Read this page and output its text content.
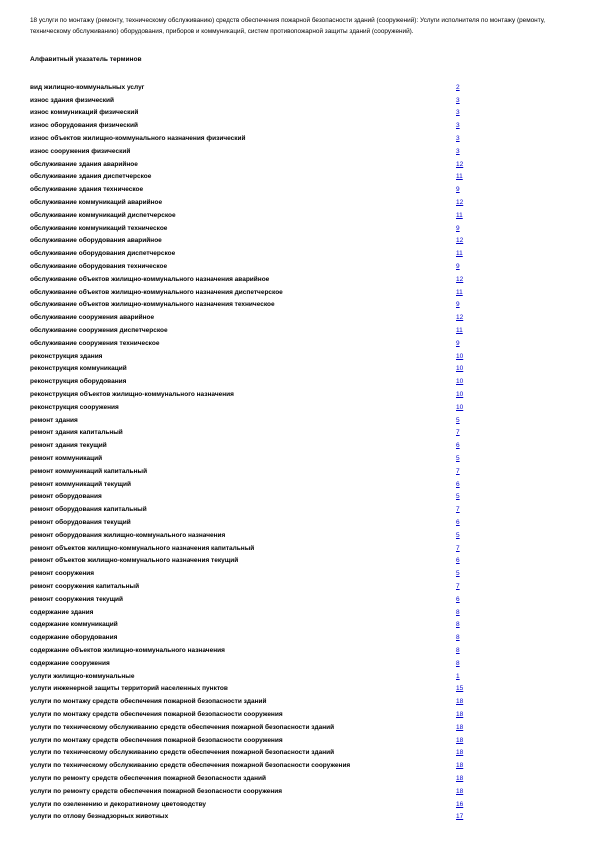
18 услуги по монтажу (ремонту, техническому обслуживанию) средств обеспечения пожарной безопасности зданий (сооружений): Услуги исполнителя по монтажу (ремонту, техническому обслуживанию) оборудования, приборов и коммуникаций, систем противопожарной защиты зданий (сооружений).
Алфавитный указатель терминов
вид жилищно-коммунальных услуг	2
износ здания физический	3
износ коммуникаций физический	3
износ оборудования физический	3
износ объектов жилищно-коммунального назначения физический	3
износ сооружения физический	3
обслуживание здания аварийное	12
обслуживание здания диспетчерское	11
обслуживание здания техническое	9
обслуживание коммуникаций аварийное	12
обслуживание коммуникаций диспетчерское	11
обслуживание коммуникаций техническое	9
обслуживание оборудования аварийное	12
обслуживание оборудования диспетчерское	11
обслуживание оборудования техническое	9
обслуживание объектов жилищно-коммунального назначения аварийное	12
обслуживание объектов жилищно-коммунального назначения диспетчерское	11
обслуживание объектов жилищно-коммунального назначения техническое	9
обслуживание сооружения аварийное	12
обслуживание сооружения диспетчерское	11
обслуживание сооружения техническое	9
реконструкция здания	10
реконструкция коммуникаций	10
реконструкция оборудования	10
реконструкция объектов жилищно-коммунального назначения	10
реконструкция сооружения	10
ремонт здания	5
ремонт здания капитальный	7
ремонт здания текущий	6
ремонт коммуникаций	5
ремонт коммуникаций капитальный	7
ремонт коммуникаций текущий	6
ремонт оборудования	5
ремонт оборудования капитальный	7
ремонт оборудования текущий	6
ремонт оборудования жилищно-коммунального назначения	5
ремонт объектов жилищно-коммунального назначения капитальный	7
ремонт объектов жилищно-коммунального назначения текущий	6
ремонт сооружения	5
ремонт сооружения капитальный	7
ремонт сооружения текущий	6
содержание здания	8
содержание коммуникаций	8
содержание оборудования	8
содержание объектов жилищно-коммунального назначения	8
содержание сооружения	8
услуги жилищно-коммунальные	1
услуги инженерной защиты территорий населенных пунктов	15
услуги по монтажу средств обеспечения пожарной безопасности зданий	18
услуги по монтажу средств обеспечения пожарной безопасности сооружения	18
услуги по техническому обслуживанию средств обеспечения пожарной безопасности зданий	18
услуги по монтажу средств обеспечения пожарной безопасности сооружения	18
услуги по техническому обслуживанию средств обеспечения пожарной безопасности зданий	18
услуги по техническому обслуживанию средств обеспечения пожарной безопасности сооружения	18
услуги по ремонту средств обеспечения пожарной безопасности зданий	18
услуги по ремонту средств обеспечения пожарной безопасности сооружения	18
услуги по озеленению и декоративному цветоводству	16
услуги по отлову безнадзорных животных	17
